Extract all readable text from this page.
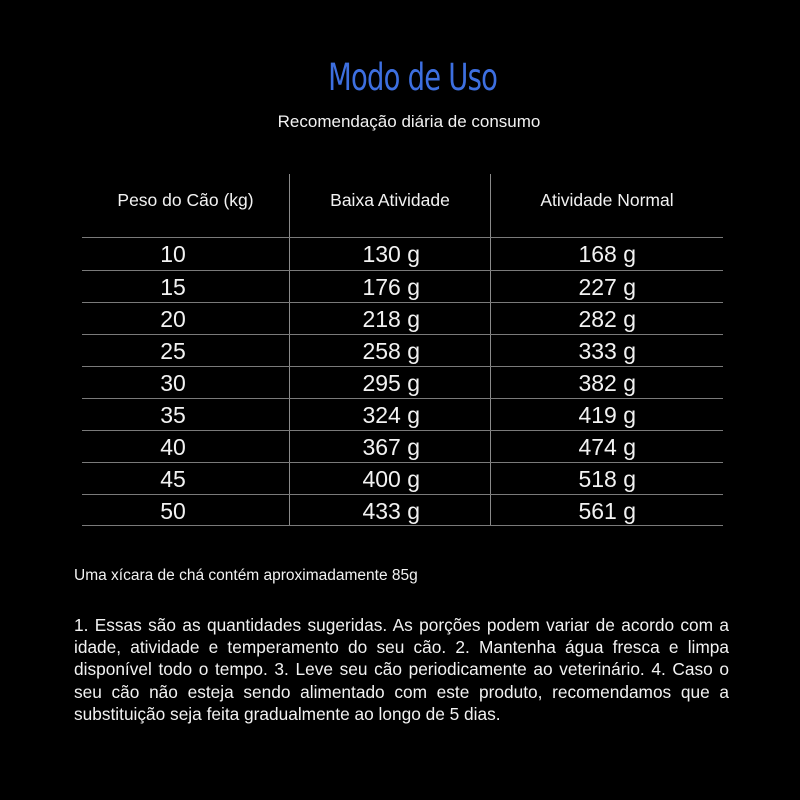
Modo de Uso
Recomendação diária de consumo
Peso do Cão (kg)	Baixa Atividade	Atividade Normal
10	130 g	168 g
15	176 g	227 g
20	218 g	282 g
25	258 g	333 g
30	295 g	382 g
35	324 g	419 g
40	367 g	474 g
45	400 g	518 g
50	433 g	561 g
Uma xícara de chá contém aproximadamente 85g
1. Essas são as quantidades sugeridas. As porções podem variar de acordo com a idade, atividade e temperamento do seu cão. 2. Mantenha água fresca e limpa disponível todo o tempo. 3. Leve seu cão periodicamente ao veterinário. 4. Caso o seu cão não esteja sendo alimentado com este produto, recomendamos que a substituição seja feita gradualmente ao longo de 5 dias.
